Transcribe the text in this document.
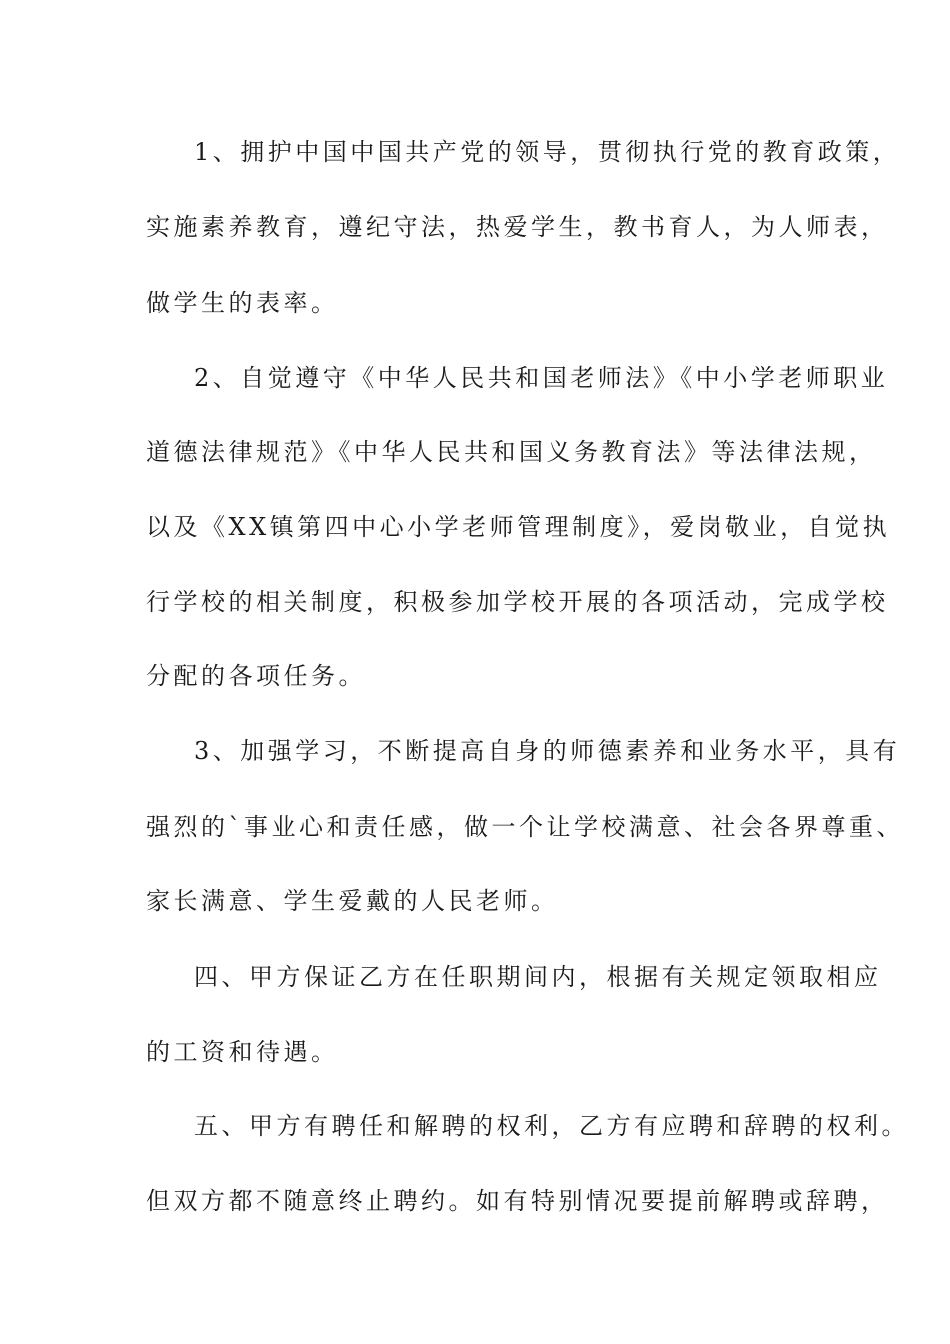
1、拥护中国中国共产党的领导，贯彻执行党的教育政策，
实施素养教育，遵纪守法，热爱学生，教书育人，为人师表，
做学生的表率。
2、自觉遵守《中华人民共和国老师法》《中小学老师职业
道德法律规范》《中华人民共和国义务教育法》等法律法规，
以及《XX镇第四中心小学老师管理制度》，爱岗敬业，自觉执
行学校的相关制度，积极参加学校开展的各项活动，完成学校
分配的各项任务。
3、加强学习，不断提高自身的师德素养和业务水平，具有
强烈的`事业心和责任感，做一个让学校满意、社会各界尊重、
家长满意、学生爱戴的人民老师。
四、甲方保证乙方在任职期间内，根据有关规定领取相应
的工资和待遇。
五、甲方有聘任和解聘的权利，乙方有应聘和辞聘的权利。
但双方都不随意终止聘约。如有特别情况要提前解聘或辞聘，
